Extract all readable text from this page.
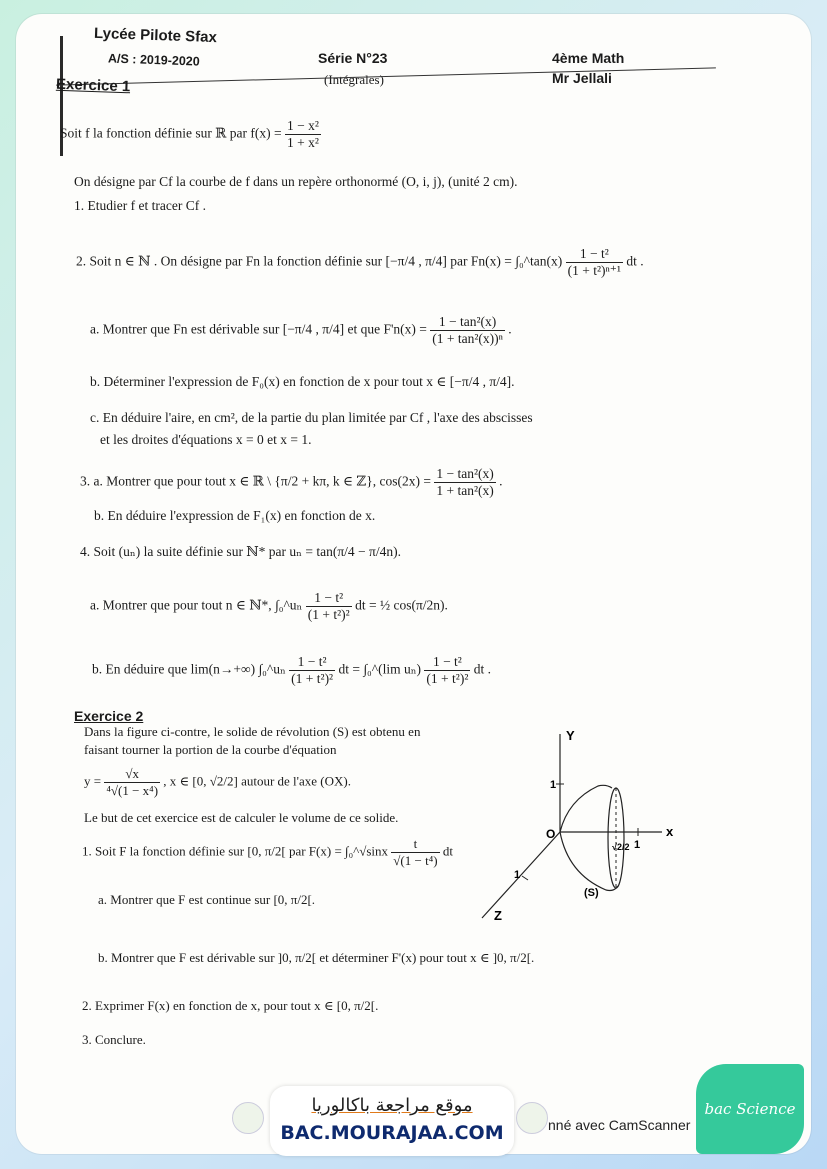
Lycée Pilote Sfax
A/S : 2019-2020	Série N°23
(Intégrales)
4ème Math
Mr Jellali
Exercice 1
Soit f la fonction définie sur ℝ par $f(x) = \frac{\text{1 − x²}}{\text{1 + x²}}$
On désigne par Cf la courbe de f dans un repère orthonormé (O, i, j), (unité 2 cm).
1. Etudier f et tracer Cf .
2. Soit n ∈ ℕ . On désigne par Fn la fonction définie sur [−π/4 , π/4] par Fn(x) = ∫₀^tan(x) $\frac{\text{1 − t²}}{\text{(1 + t²)ⁿ⁺¹}}$ dt .
a. Montrer que Fn est dérivable sur [−π/4 , π/4] et que $F'n(x) = \frac{\text{1 − tan²(x)}}{\text{(1 + tan²(x))ⁿ}}$ .
b. Déterminer l'expression de F₀(x) en fonction de x pour tout x ∈ [−π/4 , π/4].
c. En déduire l'aire, en cm², de la partie du plan limitée par Cf , l'axe des abscisses
et les droites d'équations x = 0 et x = 1.
3. a. Montrer que pour tout x ∈ ℝ \ {π/2 + kπ, k ∈ ℤ}, $\cos(2x) = \frac{\text{1 − tan²(x)}}{\text{1 + tan²(x)}}$ .
b. En déduire l'expression de F₁(x) en fonction de x.
4. Soit (uₙ) la suite définie sur ℕ* par uₙ = tan(π/4 − π/4n).
a. Montrer que pour tout n ∈ ℕ*, ∫₀^uₙ $\frac{\text{1 − t²}}{\text{(1 + t²)²}}$ dt = ½ cos(π/2n).
b. En déduire que lim(n→+∞) ∫₀^uₙ $\frac{\text{1 − t²}}{\text{(1 + t²)²}}$ dt = ∫₀^(lim $u_n) \frac{\text{1 − t²}}{\text{(1 + t²)²}}$ dt .
Exercice 2
Dans la figure ci-contre, le solide de révolution (S) est obtenu en
faisant tourner la portion de la courbe d'équation
$y = \frac{√x}{\text{⁴√(1 − x⁴)}}$ , x ∈ [0, √2/2] autour de l'axe (OX).
Le but de cet exercice est de calculer le volume de ce solide.
1. Soit F la fonction définie sur [0, π/2[ par F(x) = ∫₀^√sinx $\frac{t}{\text{√(1 − t⁴)}}$ dt
a. Montrer que F est continue sur [0, π/2[.
b. Montrer que F est dérivable sur ]0, π/2[ et déterminer F'(x) pour tout x ∈ ]0, π/2[.
2. Exprimer F(x) en fonction de x, pour tout x ∈ [0, π/2[.
3. Conclure.
Y
x
Z
O
1
1
1
√2/2
(S)
موقع مراجعة باكالوريا
BAC.MOURAJAA.COM	nné avec CamScanner
bac Science
